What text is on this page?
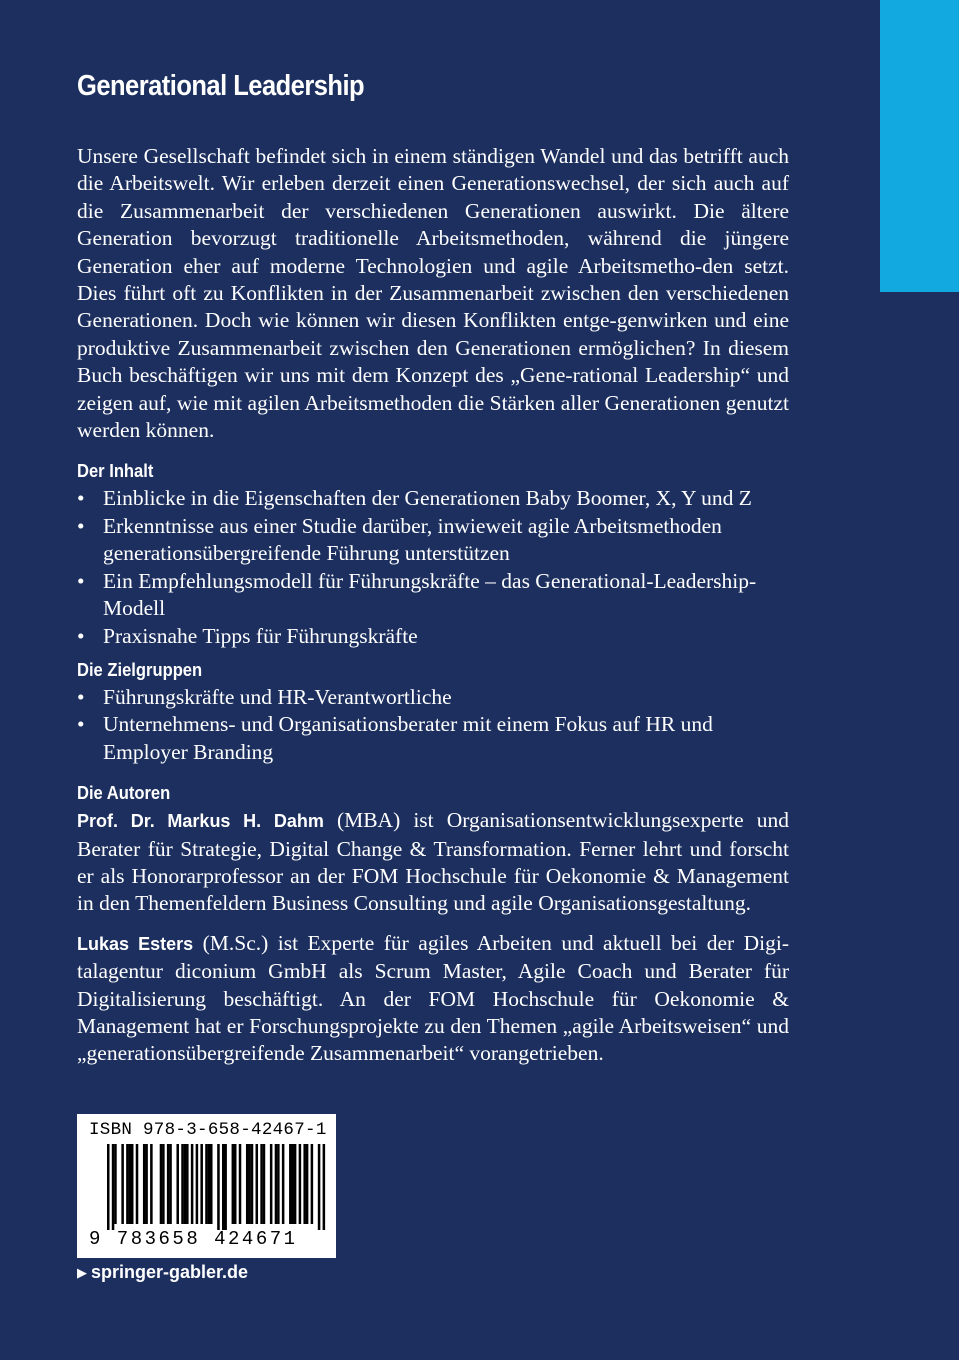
Generational Leadership

Unsere Gesellschaft befindet sich in einem ständigen Wandel und das betrifft auch die Arbeitswelt. Wir erleben derzeit einen Generationswechsel, der sich auch auf die Zusammenarbeit der verschiedenen Generationen auswirkt. Die ältere Generation bevorzugt traditionelle Arbeitsmethoden, während die jüngere Generation eher auf moderne Technologien und agile Arbeitsmetho-den setzt. Dies führt oft zu Konflikten in der Zusammenarbeit zwischen den verschiedenen Generationen. Doch wie können wir diesen Konflikten entge-genwirken und eine produktive Zusammenarbeit zwischen den Generationen ermöglichen? In diesem Buch beschäftigen wir uns mit dem Konzept des „Gene-rational Leadership“ und zeigen auf, wie mit agilen Arbeitsmethoden die Stärken aller Generationen genutzt werden können.

Der Inhalt
• Einblicke in die Eigenschaften der Generationen Baby Boomer, X, Y und Z
• Erkenntnisse aus einer Studie darüber, inwieweit agile Arbeitsmethoden generationsübergreifende Führung unterstützen
• Ein Empfehlungsmodell für Führungskräfte – das Generational-Leadership-Modell
• Praxisnahe Tipps für Führungskräfte
Die Zielgruppen
• Führungskräfte und HR-Verantwortliche
• Unternehmens- und Organisationsberater mit einem Fokus auf HR und Employer Branding
Die Autoren

Prof. Dr. Markus H. Dahm (MBA) ist Organisationsentwicklungsexperte und Berater für Strategie, Digital Change & Transformation. Ferner lehrt und forscht er als Honorarprofessor an der FOM Hochschule für Oekonomie & Management in den Themenfeldern Business Consulting und agile Organisationsgestaltung.

Lukas Esters (M.Sc.) ist Experte für agiles Arbeiten und aktuell bei der Digitalagentur diconium GmbH als Scrum Master, Agile Coach und Berater für Digitalisierung beschäftigt. An der FOM Hochschule für Oekonomie & Management hat er Forschungsprojekte zu den Themen „agile Arbeitsweisen“ und „generationsübergreifende Zusammenarbeit“ vorangetrieben.

ISBN 978-3-658-42467-1
9 783658 424671
▶ springer-gabler.de
